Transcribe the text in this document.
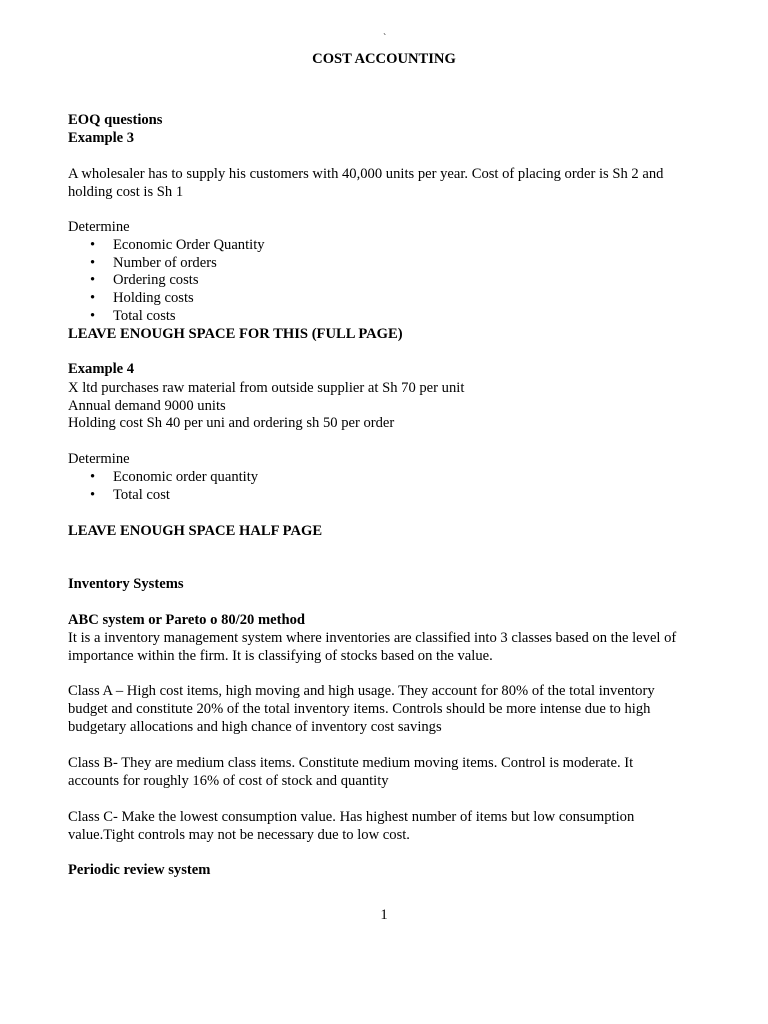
`
COST ACCOUNTING
EOQ questions
Example 3
A wholesaler has to supply his customers with 40,000 units per year. Cost of placing order is Sh 2 and
holding cost is Sh 1
Determine
• Economic Order Quantity
• Number of orders
• Ordering costs
• Holding costs
• Total costs
LEAVE ENOUGH SPACE FOR THIS (FULL PAGE)
Example 4
X ltd purchases raw material from outside supplier at Sh 70 per unit
Annual demand 9000 units
Holding cost Sh 40 per uni and ordering sh 50 per order
Determine
• Economic order quantity
• Total cost
LEAVE ENOUGH SPACE HALF PAGE
Inventory Systems
ABC system or Pareto o 80/20 method
It is a inventory management system where inventories are classified into 3 classes based on the level of
importance within the firm. It is classifying of stocks based on the value.
Class A – High cost items, high moving and high usage. They account for 80% of the total inventory
budget and constitute 20% of the total inventory items. Controls should be more intense due to high
budgetary allocations and high chance of inventory cost savings
Class B- They are medium class items. Constitute medium moving items. Control is moderate. It
accounts for roughly 16% of cost of stock and quantity
Class C- Make the lowest consumption value. Has highest number of items but low consumption
value.Tight controls may not be necessary due to low cost.
Periodic review system
1
